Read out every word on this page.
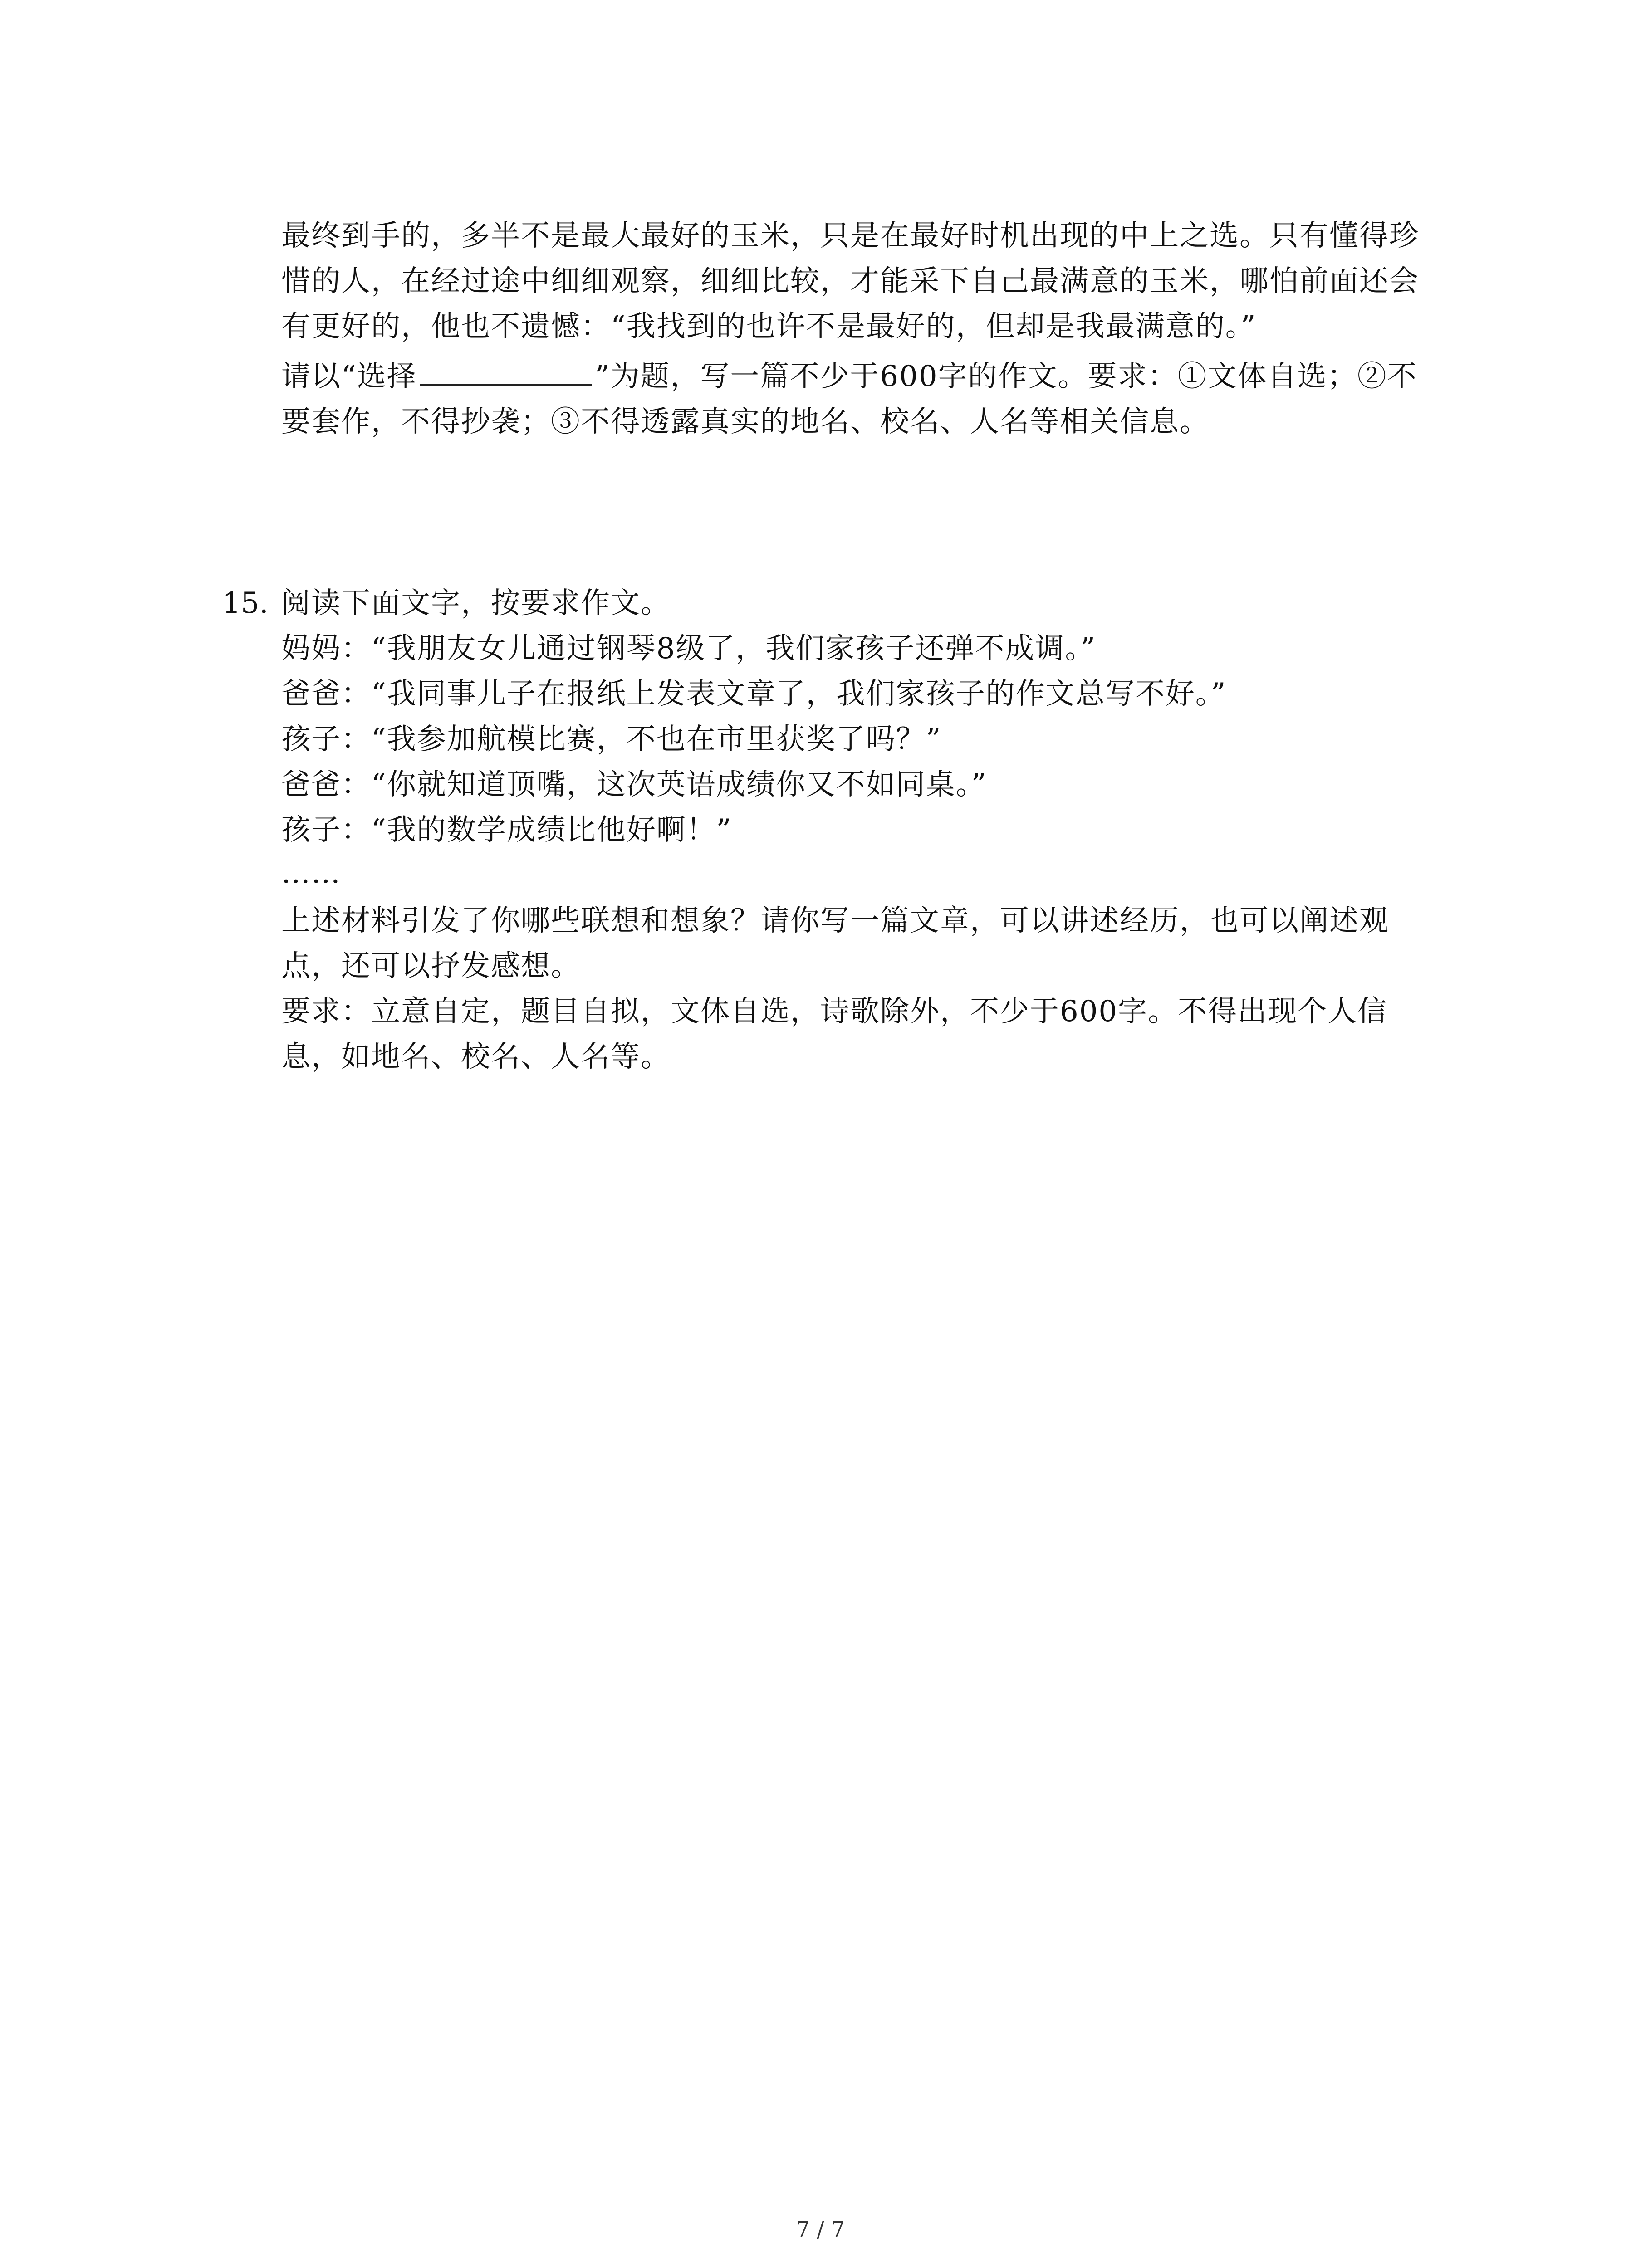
最终到手的，多半不是最大最好的玉米，只是在最好时机出现的中上之选。只有懂得珍
惜的人，在经过途中细细观察，细细比较，才能采下自己最满意的玉米，哪怕前面还会
有更好的，他也不遗憾：“我找到的也许不是最好的，但却是我最满意的。”
请以“选择	”为题，写一篇不少于600字的作文。要求：①文体自选；②不
要套作，不得抄袭；③不得透露真实的地名、校名、人名等相关信息。
15. 阅读下面文字，按要求作文。
妈妈：“我朋友女儿通过钢琴8级了，我们家孩子还弹不成调。”
爸爸：“我同事儿子在报纸上发表文章了，我们家孩子的作文总写不好。”
孩子：“我参加航模比赛，不也在市里获奖了吗？”
爸爸：“你就知道顶嘴，这次英语成绩你又不如同桌。”
孩子：“我的数学成绩比他好啊！”
……
上述材料引发了你哪些联想和想象？请你写一篇文章，可以讲述经历，也可以阐述观
点，还可以抒发感想。
要求：立意自定，题目自拟，文体自选，诗歌除外，不少于600字。不得出现个人信
息，如地名、校名、人名等。
7 / 7
